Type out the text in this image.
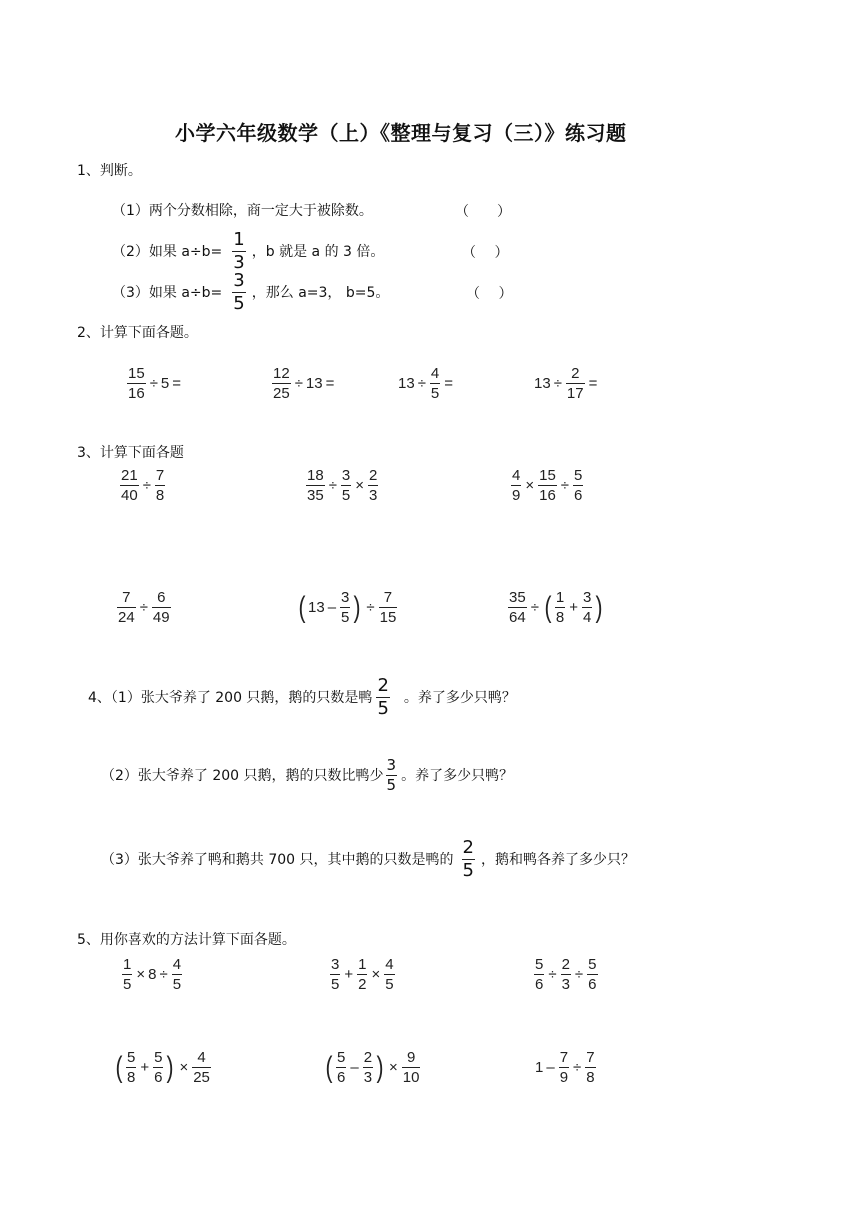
小学六年级数学（上）《整理与复习（三）》练习题
1、判断。
（1）两个分数相除，商一定大于被除数。	（　　）
（2）如果 $a\div b= \frac{1}{3}$ ，b 就是 a 的 3 倍。	（　 ）
（3）如果 $a\div b= \frac{3}{5}$ ，那么 a=3， b=5。	（　 ）
2、计算下面各题。
$\frac{15}{16} \div 5$ =	$\frac{12}{25} \div 13$ =	$13 \div \frac{4}{5}$ =	$13 \div \frac{2}{17}$ =
3、计算下面各题
$\frac{21}{40} \div \frac{7}{8}$	$\frac{18}{35} \div \frac{3}{5} \times \frac{2}{3}$	$\frac{4}{9} \times \frac{15}{16} \div \frac{5}{6}$
$\frac{7}{24} \div \frac{6}{49}$	( $13 - \frac{3}{5}$ ) ÷ $\frac{7}{15}$	$\frac{35}{64}$ ÷ ( $\frac{1}{8} + \frac{3}{4}$ )
4、（1）张大爷养了 200 只鹅，鹅的只数是鸭 $\frac{2}{5}$ 。养了多少只鸭？
（2）张大爷养了 200 只鹅，鹅的只数比鸭少 $\frac{3}{5}$ 。养了多少只鸭？
（3）张大爷养了鸭和鹅共 700 只，其中鹅的只数是鸭的 $\frac{2}{5}$ ，鹅和鸭各养了多少只？
5、用你喜欢的方法计算下面各题。
$\frac{1}{5} \times 8 \div \frac{4}{5}$	$\frac{3}{5} + \frac{1}{2} \times \frac{4}{5}$	$\frac{5}{6} \div \frac{2}{3} \div \frac{5}{6}$
( $\frac{5}{8} + \frac{5}{6}$ ) × $\frac{4}{25}$	( $\frac{5}{6} - \frac{2}{3}$ ) × $\frac{9}{10}$	$1 - \frac{7}{9} \div \frac{7}{8}$
